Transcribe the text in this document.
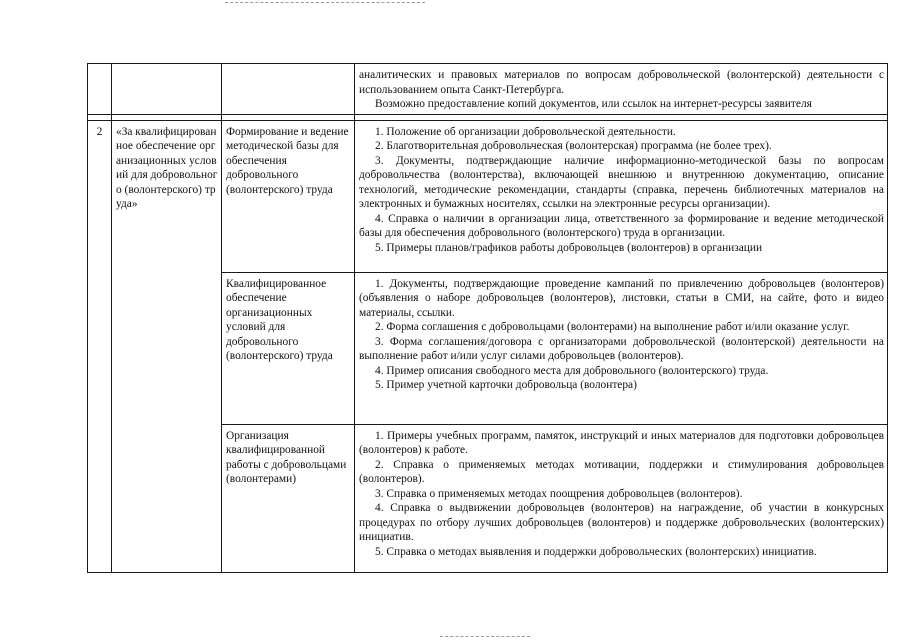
			аналитических и правовых материалов по вопросам добровольческой (волонтерской) деятельности с использованием опыта Санкт-Петербурга.

Возможно предоставление копий документов, или ссылок на интернет-ресурсы заявителя

2	«За квалифицированное обеспечение организационных условий для добровольного (волонтерского) труда»	Формирование и ведение методической базы для обеспечения добровольного (волонтерского) труда	1. Положение об организации добровольческой деятельности.

2. Благотворительная добровольческая (волонтерская) программа (не более трех).

3. Документы, подтверждающие наличие информационно-методической базы по вопросам добровольчества (волонтерства), включающей внешнюю и внутреннюю документацию, описание технологий, методические рекомендации, стандарты (справка, перечень библиотечных материалов на электронных и бумажных носителях, ссылки на электронные ресурсы организации).

4. Справка о наличии в организации лица, ответственного за формирование и ведение методической базы для обеспечения добровольного (волонтерского) труда в организации.

5. Примеры планов/графиков работы добровольцев (волонтеров) в организации

		Квалифицированное обеспечение организационных условий для добровольного (волонтерского) труда	1. Документы, подтверждающие проведение кампаний по привлечению добровольцев (волонтеров) (объявления о наборе добровольцев (волонтеров), листовки, статьи в СМИ, на сайте, фото и видео материалы, ссылки.

2. Форма соглашения с добровольцами (волонтерами) на выполнение работ и/или оказание услуг.

3. Форма соглашения/договора с организаторами добровольческой (волонтерской) деятельности на выполнение работ и/или услуг силами добровольцев (волонтеров).

4. Пример описания свободного места для добровольного (волонтерского) труда.

5. Пример учетной карточки добровольца (волонтера)

		Организация квалифицированной работы с добровольцами (волонтерами)	1. Примеры учебных программ, памяток, инструкций и иных материалов для подготовки добровольцев (волонтеров) к работе.

2. Справка о применяемых методах мотивации, поддержки и стимулирования добровольцев (волонтеров).

3. Справка о применяемых методах поощрения добровольцев (волонтеров).

4. Справка о выдвижении добровольцев (волонтеров) на награждение, об участии в конкурсных процедурах по отбору лучших добровольцев (волонтеров) и поддержке добровольческих (волонтерских) инициатив.

5. Справка о методах выявления и поддержки добровольческих (волонтерских) инициатив.
